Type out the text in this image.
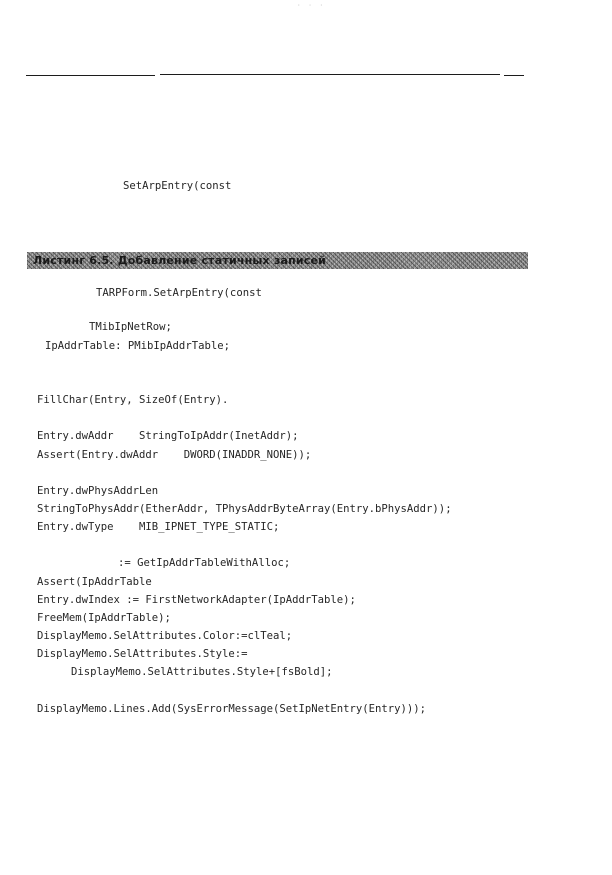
· · ·
SetArpEntry(const
Листинг 6.5. Добавление статичных записей
TARPForm.SetArpEntry(const
TMibIpNetRow;
IpAddrTable: PMibIpAddrTable;
FillChar(Entry, SizeOf(Entry).
Entry.dwAddr    StringToIpAddr(InetAddr);
Assert(Entry.dwAddr    DWORD(INADDR_NONE));
Entry.dwPhysAddrLen
StringToPhysAddr(EtherAddr, TPhysAddrByteArray(Entry.bPhysAddr));
Entry.dwType    MIB_IPNET_TYPE_STATIC;
:= GetIpAddrTableWithAlloc;
Assert(IpAddrTable
Entry.dwIndex := FirstNetworkAdapter(IpAddrTable);
FreeMem(IpAddrTable);
DisplayMemo.SelAttributes.Color:=clTeal;
DisplayMemo.SelAttributes.Style:=
DisplayMemo.SelAttributes.Style+[fsBold];
DisplayMemo.Lines.Add(SysErrorMessage(SetIpNetEntry(Entry)));
